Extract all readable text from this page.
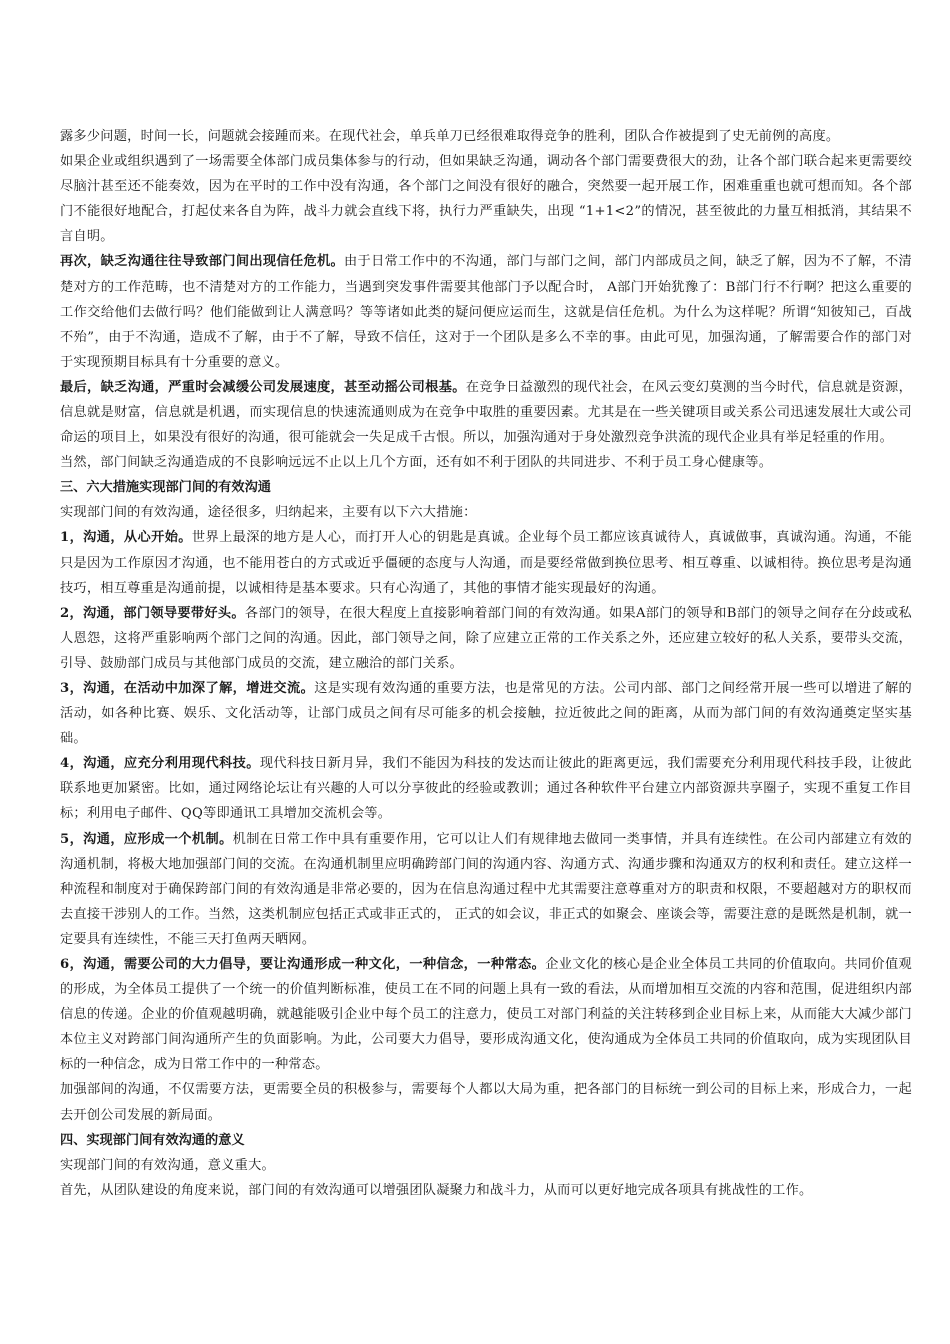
露多少问题，时间一长，问题就会接踵而来。在现代社会，单兵单刀已经很难取得竞争的胜利，团队合作被提到了史无前例的高度。

如果企业或组织遇到了一场需要全体部门成员集体参与的行动，但如果缺乏沟通，调动各个部门需要费很大的劲，让各个部门联合起来更需要绞尽脑汁甚至还不能奏效，因为在平时的工作中没有沟通，各个部门之间没有很好的融合，突然要一起开展工作，困难重重也就可想而知。各个部门不能很好地配合，打起仗来各自为阵，战斗力就会直线下将，执行力严重缺失，出现 “1+1<2”的情况，甚至彼此的力量互相抵消，其结果不言自明。

再次，缺乏沟通往往导致部门间出现信任危机。由于日常工作中的不沟通，部门与部门之间，部门内部成员之间，缺乏了解，因为不了解，不清楚对方的工作范畴，也不清楚对方的工作能力，当遇到突发事件需要其他部门予以配合时， A部门开始犹豫了：B部门行不行啊？把这么重要的工作交给他们去做行吗？他们能做到让人满意吗？等等诸如此类的疑问便应运而生，这就是信任危机。为什么为这样呢？所谓“知彼知己，百战不殆”，由于不沟通，造成不了解，由于不了解，导致不信任，这对于一个团队是多么不幸的事。由此可见，加强沟通，了解需要合作的部门对于实现预期目标具有十分重要的意义。

最后，缺乏沟通，严重时会减缓公司发展速度，甚至动摇公司根基。在竞争日益激烈的现代社会，在风云变幻莫测的当今时代，信息就是资源，信息就是财富，信息就是机遇，而实现信息的快速流通则成为在竞争中取胜的重要因素。尤其是在一些关键项目或关系公司迅速发展壮大或公司命运的项目上，如果没有很好的沟通，很可能就会一失足成千古恨。所以，加强沟通对于身处激烈竞争洪流的现代企业具有举足轻重的作用。

当然，部门间缺乏沟通造成的不良影响远远不止以上几个方面，还有如不利于团队的共同进步、不利于员工身心健康等。

三、六大措施实现部门间的有效沟通

实现部门间的有效沟通，途径很多，归纳起来，主要有以下六大措施：

1，沟通，从心开始。世界上最深的地方是人心，而打开人心的钥匙是真诚。企业每个员工都应该真诚待人，真诚做事，真诚沟通。沟通，不能只是因为工作原因才沟通，也不能用苍白的方式或近乎僵硬的态度与人沟通，而是要经常做到换位思考、相互尊重、以诚相待。换位思考是沟通技巧，相互尊重是沟通前提，以诚相待是基本要求。只有心沟通了，其他的事情才能实现最好的沟通。

2，沟通，部门领导要带好头。各部门的领导，在很大程度上直接影响着部门间的有效沟通。如果A部门的领导和B部门的领导之间存在分歧或私人恩怨，这将严重影响两个部门之间的沟通。因此，部门领导之间，除了应建立正常的工作关系之外，还应建立较好的私人关系，要带头交流，引导、鼓励部门成员与其他部门成员的交流，建立融洽的部门关系。

3，沟通，在活动中加深了解，增进交流。这是实现有效沟通的重要方法，也是常见的方法。公司内部、部门之间经常开展一些可以增进了解的活动，如各种比赛、娱乐、文化活动等，让部门成员之间有尽可能多的机会接触，拉近彼此之间的距离，从而为部门间的有效沟通奠定坚实基础。

4，沟通，应充分利用现代科技。现代科技日新月异，我们不能因为科技的发达而让彼此的距离更远，我们需要充分利用现代科技手段，让彼此联系地更加紧密。比如，通过网络论坛让有兴趣的人可以分享彼此的经验或教训；通过各种软件平台建立内部资源共享圈子，实现不重复工作目标；利用电子邮件、QQ等即通讯工具增加交流机会等。

5，沟通，应形成一个机制。机制在日常工作中具有重要作用，它可以让人们有规律地去做同一类事情，并具有连续性。在公司内部建立有效的沟通机制，将极大地加强部门间的交流。在沟通机制里应明确跨部门间的沟通内容、沟通方式、沟通步骤和沟通双方的权利和责任。建立这样一种流程和制度对于确保跨部门间的有效沟通是非常必要的，因为在信息沟通过程中尤其需要注意尊重对方的职责和权限，不要超越对方的职权而去直接干涉别人的工作。当然，这类机制应包括正式或非正式的， 正式的如会议，非正式的如聚会、座谈会等，需要注意的是既然是机制，就一定要具有连续性，不能三天打鱼两天晒网。

6，沟通，需要公司的大力倡导，要让沟通形成一种文化，一种信念，一种常态。企业文化的核心是企业全体员工共同的价值取向。共同价值观的形成，为全体员工提供了一个统一的价值判断标准，使员工在不同的问题上具有一致的看法，从而增加相互交流的内容和范围，促进组织内部信息的传递。企业的价值观越明确，就越能吸引企业中每个员工的注意力，使员工对部门利益的关注转移到企业目标上来，从而能大大减少部门本位主义对跨部门间沟通所产生的负面影响。为此，公司要大力倡导，要形成沟通文化，使沟通成为全体员工共同的价值取向，成为实现团队目标的一种信念，成为日常工作中的一种常态。

加强部间的沟通，不仅需要方法，更需要全员的积极参与，需要每个人都以大局为重，把各部门的目标统一到公司的目标上来，形成合力，一起去开创公司发展的新局面。

四、实现部门间有效沟通的意义

实现部门间的有效沟通，意义重大。

首先，从团队建设的角度来说，部门间的有效沟通可以增强团队凝聚力和战斗力，从而可以更好地完成各项具有挑战性的工作。
